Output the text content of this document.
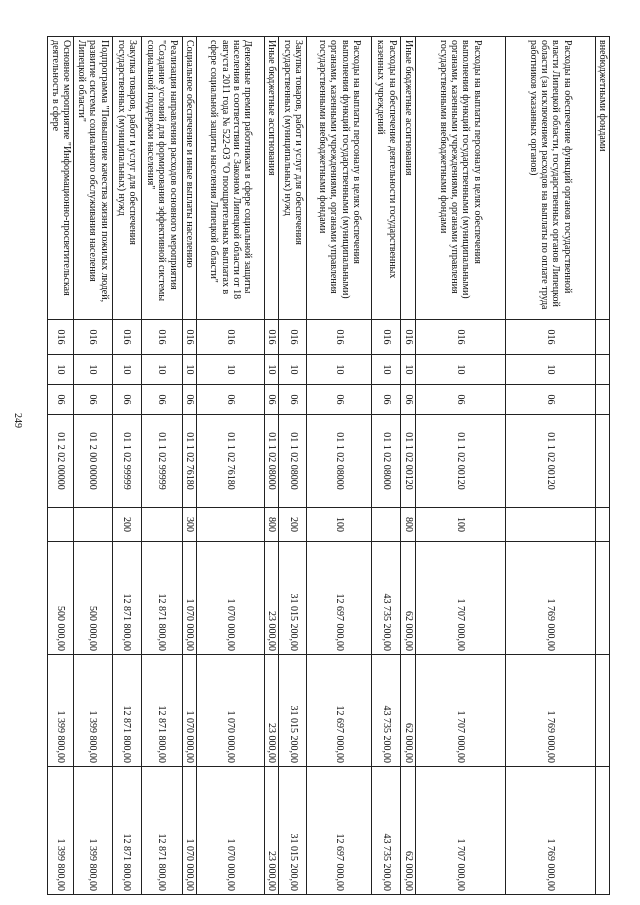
249
внебюджетными фондами								
Расходы на обеспечение функций органов государственной власти Липецкой области, государственных органов Липецкой области (за исключением расходов на выплаты по оплате труда работников указанных органов)	016	10	06	01 1 02 00120		1 769 000,00	1 769 000,00	1 769 000,00
Расходы на выплаты персоналу в целях обеспечения выполнения функций государственными (муниципальными) органами, казенными учреждениями, органами управления государственными внебюджетными фондами	016	10	06	01 1 02 00120	100	1 707 000,00	1 707 000,00	1 707 000,00
Иные бюджетные ассигнования	016	10	06	01 1 02 00120	800	62 000,00	62 000,00	62 000,00
Расходы на обеспечение деятельности государственных казенных учреждений	016	10	06	01 1 02 08000		43 735 200,00	43 735 200,00	43 735 200,00
Расходы на выплаты персоналу в целях обеспечения выполнения функций государственными (муниципальными) органами, казенными учреждениями, органами управления государственными внебюджетными фондами	016	10	06	01 1 02 08000	100	12 697 000,00	12 697 000,00	12 697 000,00
Закупка товаров, работ и услуг для обеспечения государственных (муниципальных) нужд	016	10	06	01 1 02 08000	200	31 015 200,00	31 015 200,00	31 015 200,00
Иные бюджетные ассигнования	016	10	06	01 1 02 08000	800	23 000,00	23 000,00	23 000,00
Денежные премии работникам в сфере социальной защиты населения в соответствии с Законом Липецкой области от 18 августа 2011 года № 522-ОЗ "О поощрительных выплатах в сфере социальной защиты населения Липецкой области"	016	10	06	01 1 02 76180		1 070 000,00	1 070 000,00	1 070 000,00
Социальное обеспечение и иные выплаты населению	016	10	06	01 1 02 76180	300	1 070 000,00	1 070 000,00	1 070 000,00
Реализация направления расходов основного мероприятия "Создание условий для формирования эффективной системы социальной поддержки населения"	016	10	06	01 1 02 99999		12 871 800,00	12 871 800,00	12 871 800,00
Закупка товаров, работ и услуг для обеспечения государственных (муниципальных) нужд	016	10	06	01 1 02 99999	200	12 871 800,00	12 871 800,00	12 871 800,00
Подпрограмма "Повышение качества жизни пожилых людей, развитие системы социального обслуживания населения Липецкой области"	016	10	06	01 2 00 00000		500 000,00	1 399 800,00	1 399 800,00
Основное мероприятие "Информационно-просветительская деятельность в сфере	016	10	06	01 2 02 00000		500 000,00	1 399 800,00	1 399 800,00
